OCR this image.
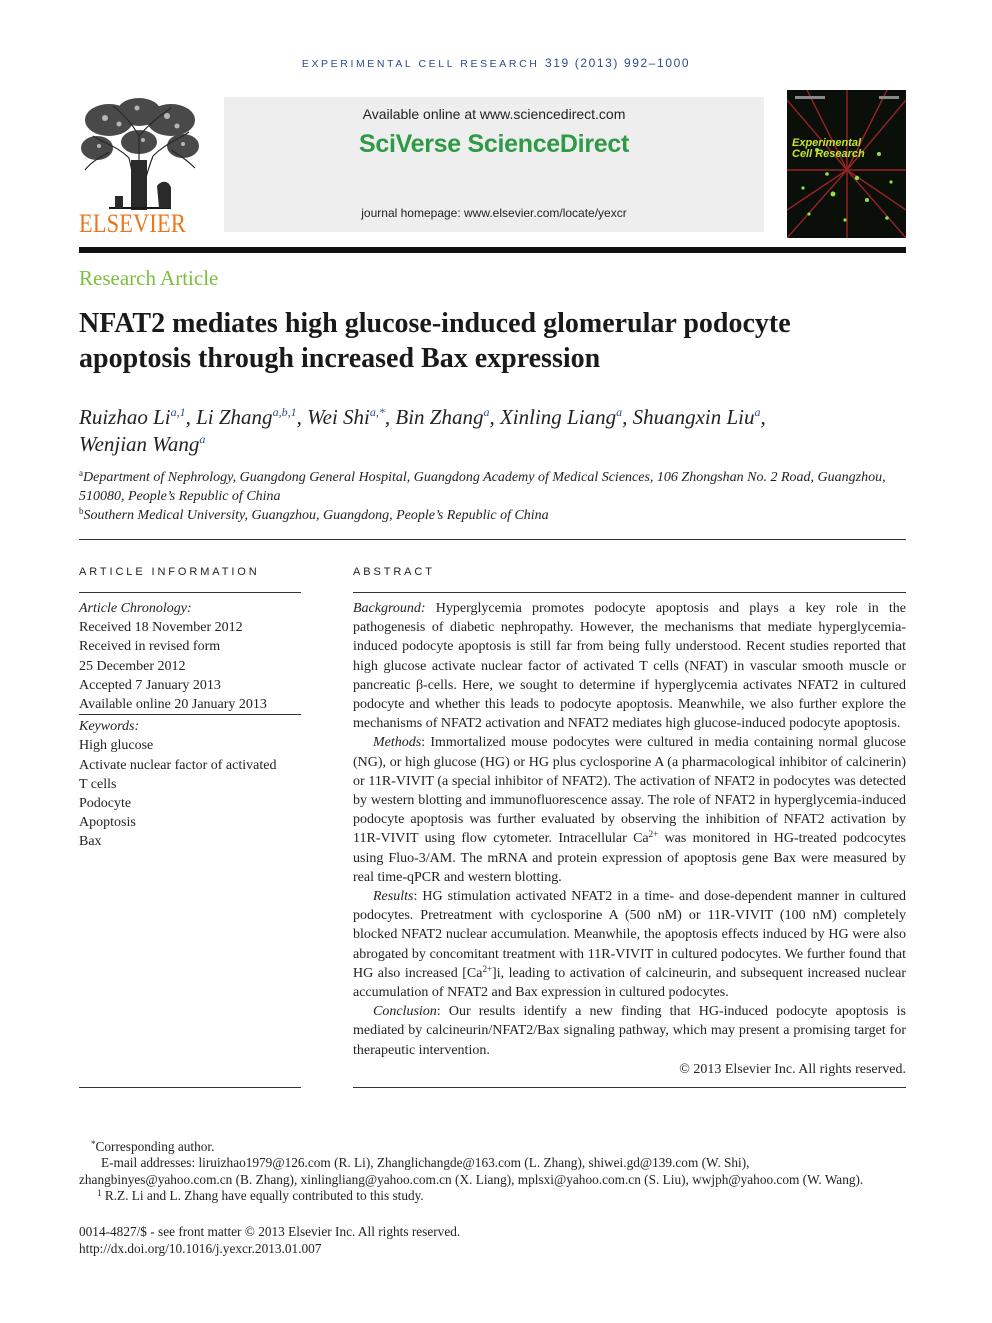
EXPERIMENTAL CELL RESEARCH 319 (2013) 992–1000
ELSEVIER
Available online at www.sciencedirect.com
SciVerse ScienceDirect
journal homepage: www.elsevier.com/locate/yexcr
Experimental
Cell Research
Research Article
NFAT2 mediates high glucose-induced glomerular podocyte apoptosis through increased Bax expression
Ruizhao Li$^{a,1}$, Li Zhang$^{a,b,1}$, Wei Shi$^{a,*}$, Bin Zhang$^a$, Xinling Liang$^a$, Shuangxin Liu$^a$,
Wenjian Wang$^a$
$^a$Department of Nephrology, Guangdong General Hospital, Guangdong Academy of Medical Sciences, 106 Zhongshan No. 2 Road, Guangzhou, 510080, People’s Republic of China
$^b$Southern Medical University, Guangzhou, Guangdong, People’s Republic of China
ARTICLE INFORMATION	ABSTRACT
Article Chronology:
Received 18 November 2012
Received in revised form
25 December 2012
Accepted 7 January 2013
Available online 20 January 2013
Keywords:
High glucose
Activate nuclear factor of activated
T cells
Podocyte
Apoptosis
Bax

Background: Hyperglycemia promotes podocyte apoptosis and plays a key role in the pathogenesis of diabetic nephropathy. However, the mechanisms that mediate hyperglycemia-induced podocyte apoptosis is still far from being fully understood. Recent studies reported that high glucose activate nuclear factor of activated T cells (NFAT) in vascular smooth muscle or pancreatic β-cells. Here, we sought to determine if hyperglycemia activates NFAT2 in cultured podocyte and whether this leads to podocyte apoptosis. Meanwhile, we also further explore the mechanisms of NFAT2 activation and NFAT2 mediates high glucose-induced podocyte apoptosis.

Methods: Immortalized mouse podocytes were cultured in media containing normal glucose (NG), or high glucose (HG) or HG plus cyclosporine A (a pharmacological inhibitor of calcinerin) or 11R-VIVIT (a special inhibitor of NFAT2). The activation of NFAT2 in podocytes was detected by western blotting and immunofluorescence assay. The role of NFAT2 in hyperglycemia-induced podocyte apoptosis was further evaluated by observing the inhibition of NFAT2 activation by 11R-VIVIT using flow cytometer. Intracellular $Ca^{2+}$ was monitored in HG-treated podcocytes using Fluo-3/AM. The mRNA and protein expression of apoptosis gene Bax were measured by real time-qPCR and western blotting.

Results: HG stimulation activated NFAT2 in a time- and dose-dependent manner in cultured podocytes. Pretreatment with cyclosporine A (500 nM) or 11R-VIVIT (100 nM) completely blocked NFAT2 nuclear accumulation. Meanwhile, the apoptosis effects induced by HG were also abrogated by concomitant treatment with 11R-VIVIT in cultured podocytes. We further found that HG also increased $[Ca^{2+}]i$, leading to activation of calcineurin, and subsequent increased nuclear accumulation of NFAT2 and Bax expression in cultured podocytes.

Conclusion: Our results identify a new finding that HG-induced podocyte apoptosis is mediated by calcineurin/NFAT2/Bax signaling pathway, which may present a promising target for therapeutic intervention.

© 2013 Elsevier Inc. All rights reserved.

*Corresponding author.
E-mail addresses: liruizhao1979@126.com (R. Li), Zhanglichangde@163.com (L. Zhang), shiwei.gd@139.com (W. Shi),
zhangbinyes@yahoo.com.cn (B. Zhang), xinlingliang@yahoo.com.cn (X. Liang), mplsxi@yahoo.com.cn (S. Liu), wwjph@yahoo.com (W. Wang).
$^1$ R.Z. Li and L. Zhang have equally contributed to this study.
0014-4827/$ - see front matter © 2013 Elsevier Inc. All rights reserved.
http://dx.doi.org/10.1016/j.yexcr.2013.01.007
